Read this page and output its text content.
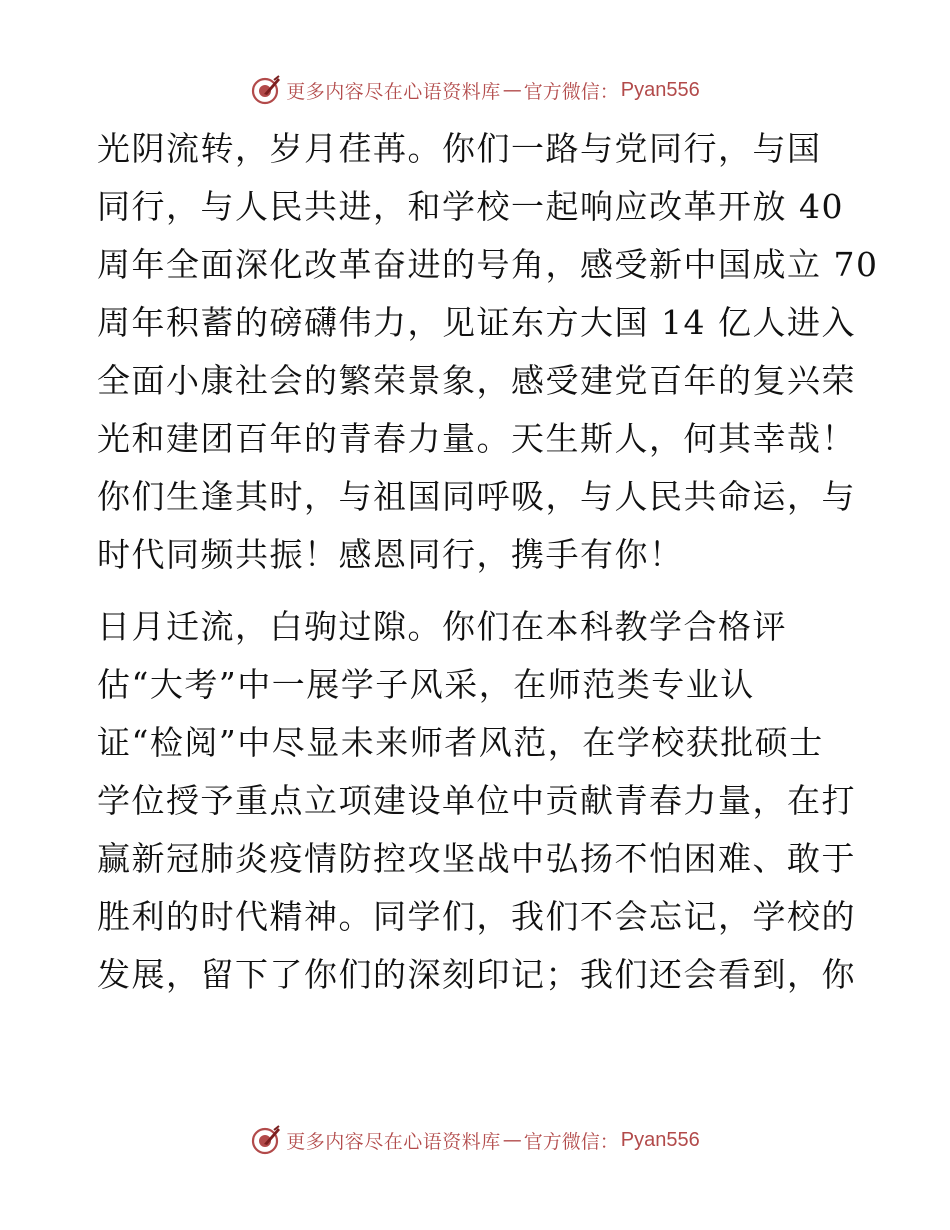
更多内容尽在心语资料库 — 官方微信： Pyan556
光阴流转，岁月荏苒。你们一路与党同行，与国
同行，与人民共进，和学校一起响应改革开放 40
周年全面深化改革奋进的号角，感受新中国成立 70
周年积蓄的磅礴伟力，见证东方大国 14 亿人进入
全面小康社会的繁荣景象，感受建党百年的复兴荣
光和建团百年的青春力量。天生斯人，何其幸哉！
你们生逢其时，与祖国同呼吸，与人民共命运，与
时代同频共振！感恩同行，携手有你！
日月迁流，白驹过隙。你们在本科教学合格评
估“大考”中一展学子风采，在师范类专业认
证“检阅”中尽显未来师者风范，在学校获批硕士
学位授予重点立项建设单位中贡献青春力量，在打
赢新冠肺炎疫情防控攻坚战中弘扬不怕困难、敢于
胜利的时代精神。同学们，我们不会忘记，学校的
发展，留下了你们的深刻印记；我们还会看到，你
更多内容尽在心语资料库 — 官方微信： Pyan556
